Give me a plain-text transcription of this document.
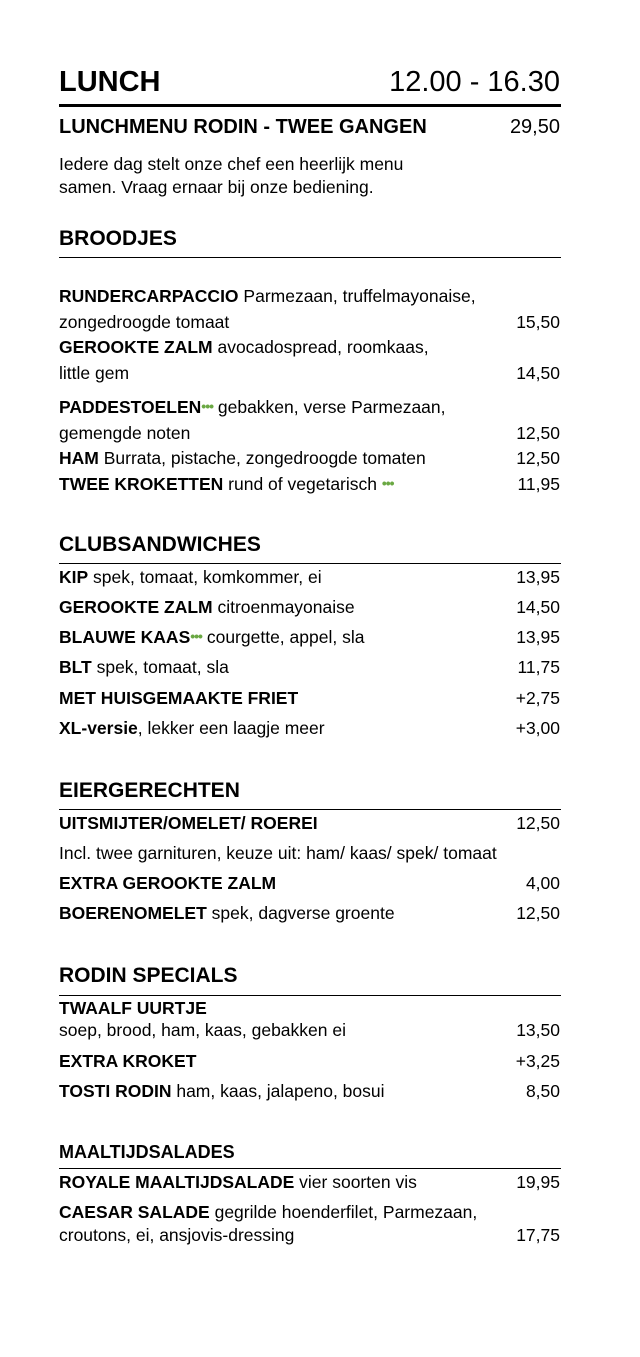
LUNCH	12.00 - 16.30
LUNCHMENU RODIN - TWEE GANGEN	29,50
Iedere dag stelt onze chef een heerlijk menu
samen. Vraag ernaar bij onze bediening.
BROODJES
RUNDERCARPACCIO Parmezaan, truffelmayonaise,
zongedroogde tomaat	15,50
GEROOKTE ZALM avocadospread, roomkaas,
little gem	14,50
PADDESTOELEN••• gebakken, verse Parmezaan,
gemengde noten	12,50
HAM Burrata, pistache, zongedroogde tomaten	12,50
TWEE KROKETTEN rund of vegetarisch •••	11,95
CLUBSANDWICHES
KIP spek, tomaat, komkommer, ei	13,95
GEROOKTE ZALM citroenmayonaise	14,50
BLAUWE KAAS••• courgette, appel, sla	13,95
BLT spek, tomaat, sla	11,75
MET HUISGEMAAKTE FRIET	+2,75
XL-versie, lekker een laagje meer	+3,00
EIERGERECHTEN
UITSMIJTER/OMELET/ ROEREI	12,50
Incl. twee garnituren, keuze uit: ham/ kaas/ spek/ tomaat
EXTRA GEROOKTE ZALM	4,00
BOERENOMELET spek, dagverse groente	12,50
RODIN SPECIALS
TWAALF UURTJE
soep, brood, ham, kaas, gebakken ei	13,50
EXTRA KROKET	+3,25
TOSTI RODIN ham, kaas, jalapeno, bosui	8,50
MAALTIJDSALADES
ROYALE MAALTIJDSALADE vier soorten vis	19,95
CAESAR SALADE gegrilde hoenderfilet, Parmezaan,
croutons, ei, ansjovis-dressing	17,75
